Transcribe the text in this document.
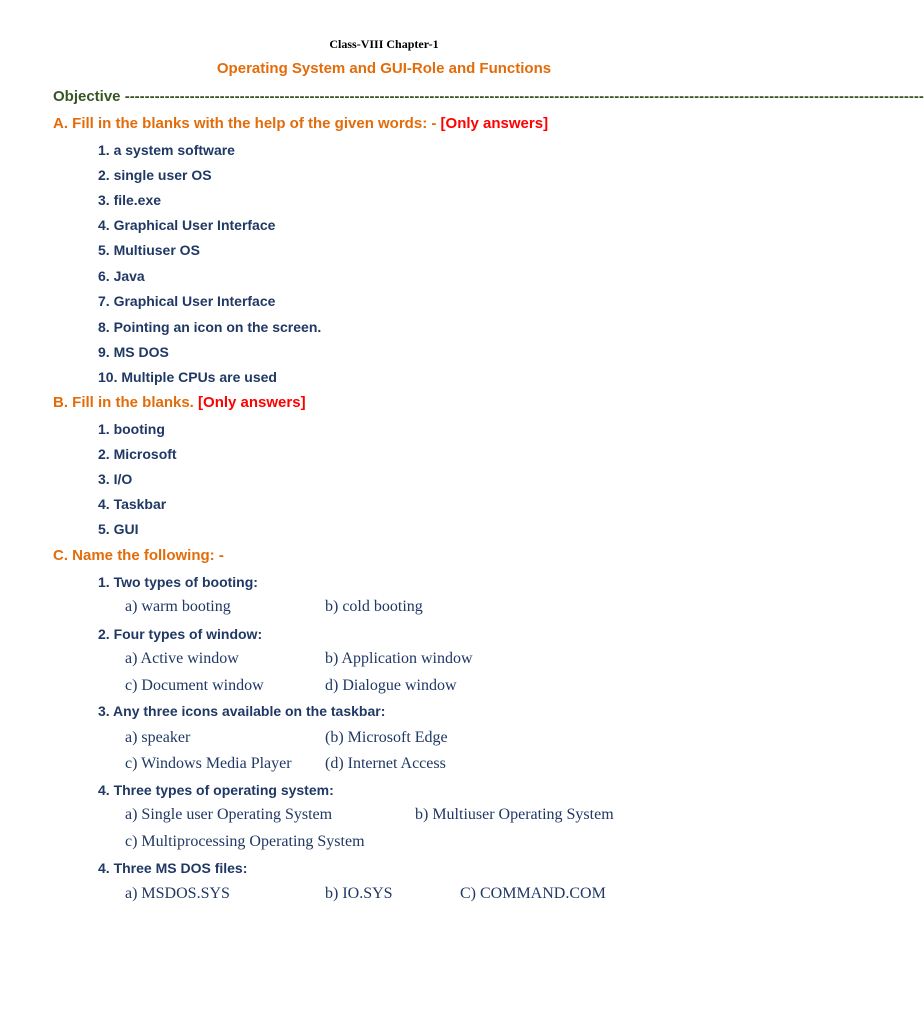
Class-VIII Chapter-1
Operating System and GUI-Role and Functions
Objective ----------------------------------------------------------------------------------------------------------------------------------------------------------------
A. Fill in the blanks with the help of the given words: - [Only answers]
1. a system software
2. single user OS
3. file.exe
4. Graphical User Interface
5. Multiuser OS
6. Java
7. Graphical User Interface
8. Pointing an icon on the screen.
9. MS DOS
10. Multiple CPUs are used
B. Fill in the blanks. [Only answers]
1. booting
2. Microsoft
3. I/O
4. Taskbar
5. GUI
C. Name the following: -
1. Two types of booting:
a) warm booting	b) cold booting
2. Four types of window:
a) Active window	b) Application window
c) Document window	d) Dialogue window
3. Any three icons available on the taskbar:
a) speaker	(b) Microsoft Edge
c) Windows Media Player (d) Internet Access
4. Three types of operating system:
a) Single user Operating System	b) Multiuser Operating System
c) Multiprocessing Operating System
4. Three MS DOS files:
a) MSDOS.SYS	b) IO.SYS	C) COMMAND.COM
